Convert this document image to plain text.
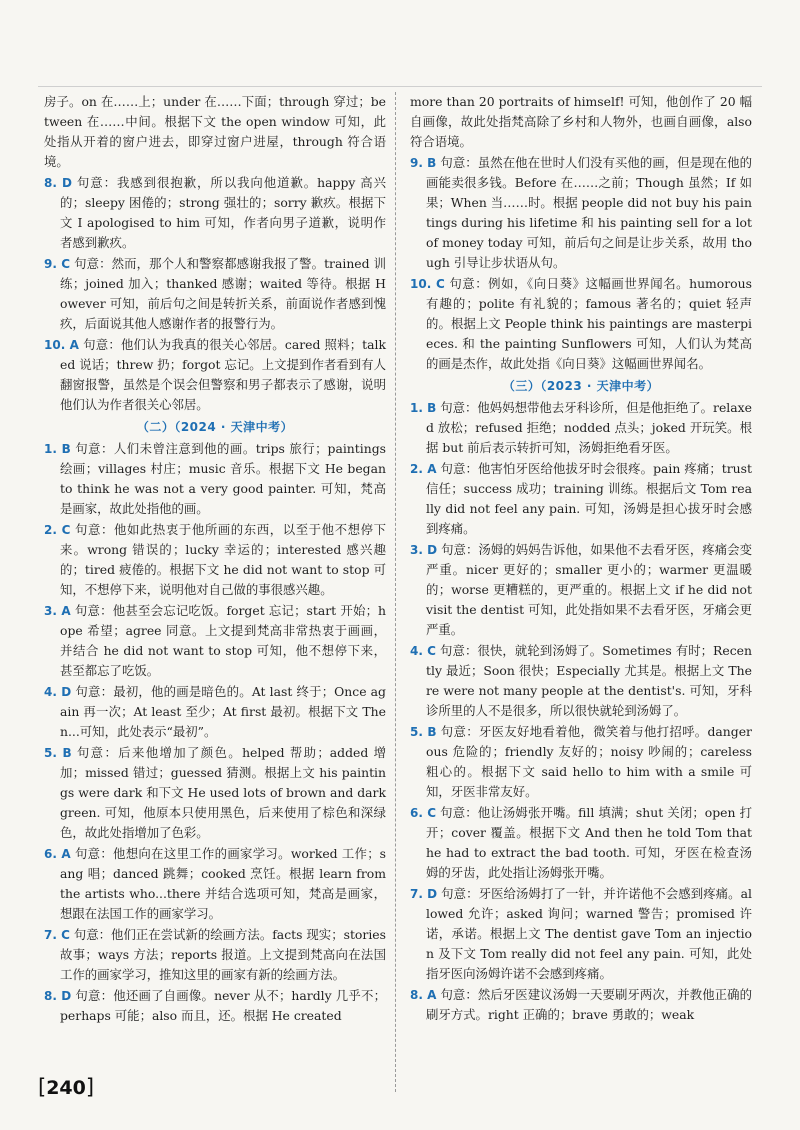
房子。on 在……上；under 在……下面；through 穿过；between 在……中间。根据下文 the open window 可知，此处指从开着的窗户进去，即穿过窗户进屋，through 符合语境。

8. D 句意：我感到很抱歉，所以我向他道歉。happy 高兴的；sleepy 困倦的；strong 强壮的；sorry 歉疚。根据下文 I apologised to him 可知，作者向男子道歉，说明作者感到歉疚。

9. C 句意：然而，那个人和警察都感谢我报了警。trained 训练；joined 加入；thanked 感谢；waited 等待。根据 However 可知，前后句之间是转折关系，前面说作者感到愧疚，后面说其他人感谢作者的报警行为。

10. A 句意：他们认为我真的很关心邻居。cared 照料；talked 说话；threw 扔；forgot 忘记。上文提到作者看到有人翻窗报警，虽然是个误会但警察和男子都表示了感谢，说明他们认为作者很关心邻居。

（二）（2024 · 天津中考）

1. B 句意：人们未曾注意到他的画。trips 旅行；paintings 绘画；villages 村庄；music 音乐。根据下文 He began to think he was not a very good painter. 可知，梵高是画家，故此处指他的画。

2. C 句意：他如此热衷于他所画的东西，以至于他不想停下来。wrong 错误的；lucky 幸运的；interested 感兴趣的；tired 疲倦的。根据下文 he did not want to stop 可知，不想停下来，说明他对自己做的事很感兴趣。

3. A 句意：他甚至会忘记吃饭。forget 忘记；start 开始；hope 希望；agree 同意。上文提到梵高非常热衷于画画，并结合 he did not want to stop 可知，他不想停下来，甚至都忘了吃饭。

4. D 句意：最初，他的画是暗色的。At last 终于；Once again 再一次；At least 至少；At first 最初。根据下文 Then...可知，此处表示“最初”。

5. B 句意：后来他增加了颜色。helped 帮助；added 增加；missed 错过；guessed 猜测。根据上文 his paintings were dark 和下文 He used lots of brown and dark green. 可知，他原本只使用黑色，后来使用了棕色和深绿色，故此处指增加了色彩。

6. A 句意：他想向在这里工作的画家学习。worked 工作；sang 唱；danced 跳舞；cooked 烹饪。根据 learn from the artists who...there 并结合选项可知，梵高是画家，想跟在法国工作的画家学习。

7. C 句意：他们正在尝试新的绘画方法。facts 现实；stories 故事；ways 方法；reports 报道。上文提到梵高向在法国工作的画家学习，推知这里的画家有新的绘画方法。

8. D 句意：他还画了自画像。never 从不；hardly 几乎不；perhaps 可能；also 而且，还。根据 He created

more than 20 portraits of himself! 可知，他创作了 20 幅自画像，故此处指梵高除了乡村和人物外，也画自画像，also 符合语境。

9. B 句意：虽然在他在世时人们没有买他的画，但是现在他的画能卖很多钱。Before 在……之前；Though 虽然；If 如果；When 当……时。根据 people did not buy his paintings during his lifetime 和 his painting sell for a lot of money today 可知，前后句之间是让步关系，故用 though 引导让步状语从句。

10. C 句意：例如，《向日葵》这幅画世界闻名。humorous 有趣的；polite 有礼貌的；famous 著名的；quiet 轻声的。根据上文 People think his paintings are masterpieces. 和 the painting Sunflowers 可知，人们认为梵高的画是杰作，故此处指《向日葵》这幅画世界闻名。

（三）（2023 · 天津中考）

1. B 句意：他妈妈想带他去牙科诊所，但是他拒绝了。relaxed 放松；refused 拒绝；nodded 点头；joked 开玩笑。根据 but 前后表示转折可知，汤姆拒绝看牙医。

2. A 句意：他害怕牙医给他拔牙时会很疼。pain 疼痛；trust 信任；success 成功；training 训练。根据后文 Tom really did not feel any pain. 可知，汤姆是担心拔牙时会感到疼痛。

3. D 句意：汤姆的妈妈告诉他，如果他不去看牙医，疼痛会变严重。nicer 更好的；smaller 更小的；warmer 更温暖的；worse 更糟糕的，更严重的。根据上文 if he did not visit the dentist 可知，此处指如果不去看牙医，牙痛会更严重。

4. C 句意：很快，就轮到汤姆了。Sometimes 有时；Recently 最近；Soon 很快；Especially 尤其是。根据上文 There were not many people at the dentist's. 可知，牙科诊所里的人不是很多，所以很快就轮到汤姆了。

5. B 句意：牙医友好地看着他，微笑着与他打招呼。dangerous 危险的；friendly 友好的；noisy 吵闹的；careless 粗心的。根据下文 said hello to him with a smile 可知，牙医非常友好。

6. C 句意：他让汤姆张开嘴。fill 填满；shut 关闭；open 打开；cover 覆盖。根据下文 And then he told Tom that he had to extract the bad tooth. 可知，牙医在检查汤姆的牙齿，此处指让汤姆张开嘴。

7. D 句意：牙医给汤姆打了一针，并许诺他不会感到疼痛。allowed 允许；asked 询问；warned 警告；promised 许诺，承诺。根据上文 The dentist gave Tom an injection 及下文 Tom really did not feel any pain. 可知，此处指牙医向汤姆许诺不会感到疼痛。

8. A 句意：然后牙医建议汤姆一天要刷牙两次，并教他正确的刷牙方式。right 正确的；brave 勇敢的；weak

[240]
